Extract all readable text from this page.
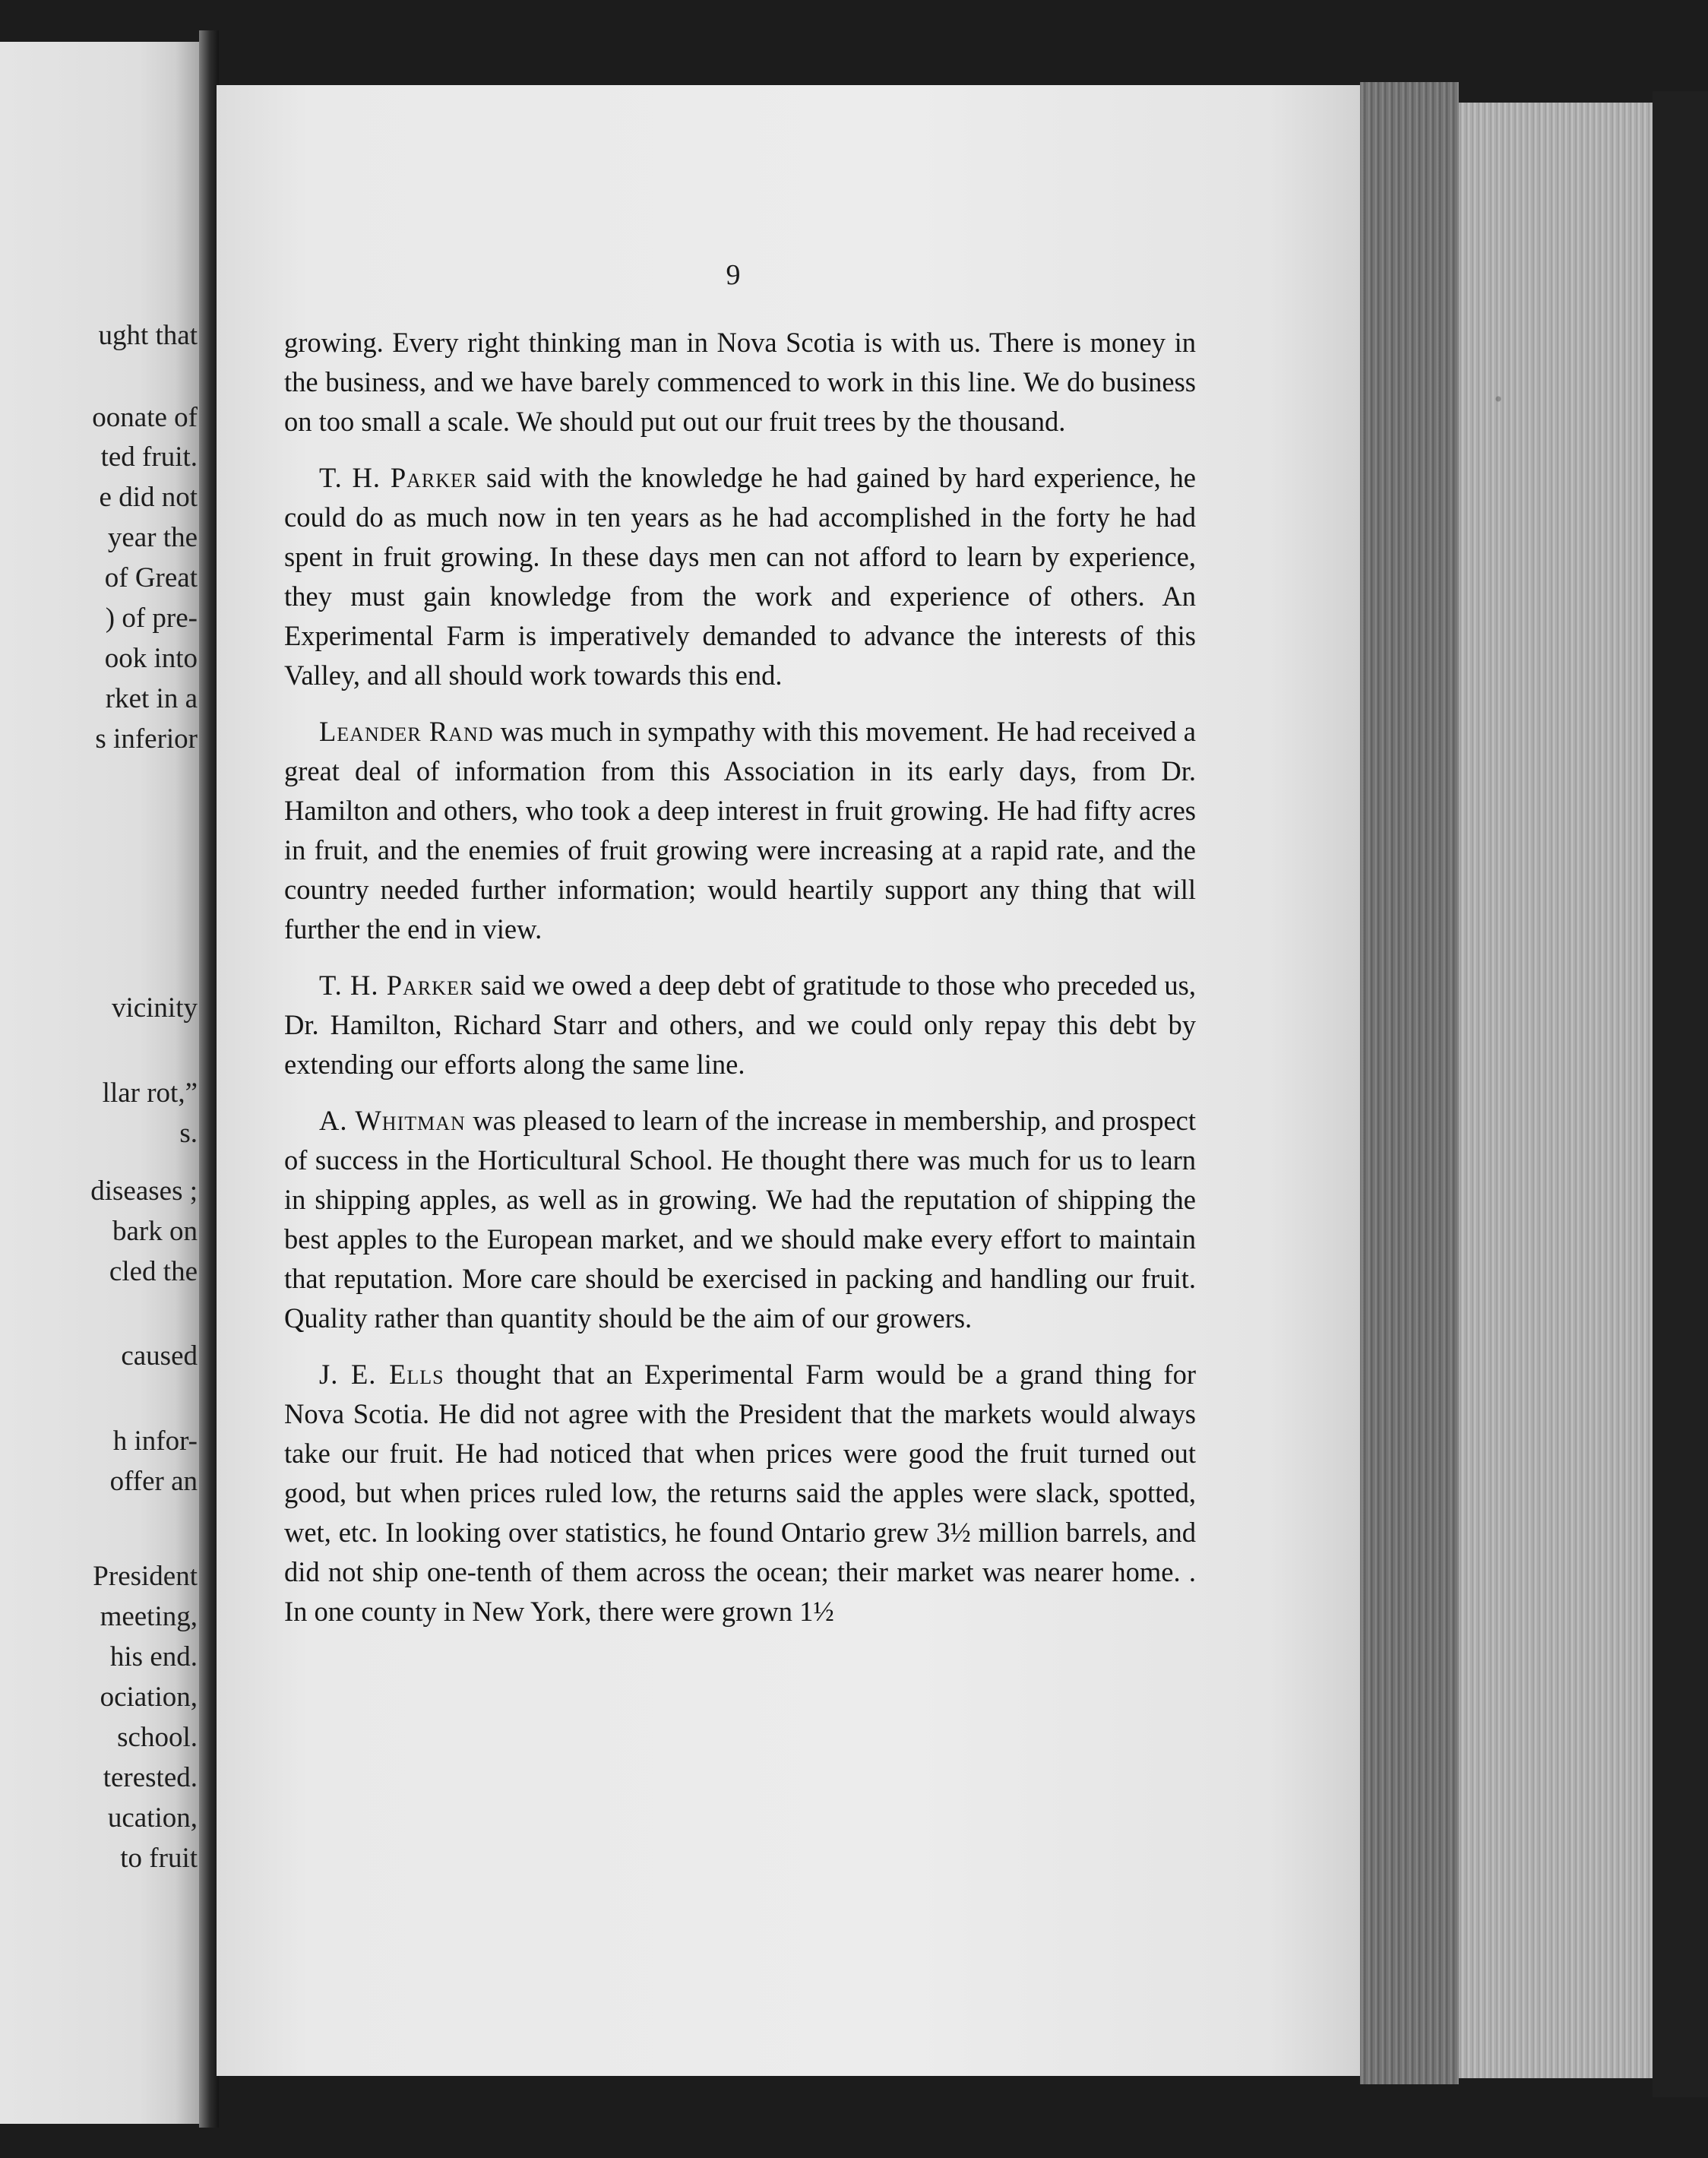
ught that
oonate of
ted fruit.
e did not
year the
of Great
) of pre-
ook into
rket in a
s inferior
vicinity
llar rot,”
s.
diseases ;
bark on
cled the
caused
h infor-
offer an
President
meeting,
his end.
ociation,
school.
terested.
ucation,
to fruit
9

growing. Every right thinking man in Nova Scotia is with us. There is money in the business, and we have barely commenced to work in this line. We do business on too small a scale. We should put out our fruit trees by the thousand.

T. H. Parker said with the knowledge he had gained by hard experience, he could do as much now in ten years as he had accomplished in the forty he had spent in fruit growing. In these days men can not afford to learn by experience, they must gain knowledge from the work and experience of others. An Experimental Farm is imperatively demanded to advance the interests of this Valley, and all should work towards this end.

Leander Rand was much in sympathy with this movement. He had received a great deal of information from this Association in its early days, from Dr. Hamilton and others, who took a deep interest in fruit growing. He had fifty acres in fruit, and the enemies of fruit growing were increasing at a rapid rate, and the country needed further information; would heartily support any thing that will further the end in view.

T. H. Parker said we owed a deep debt of gratitude to those who preceded us, Dr. Hamilton, Richard Starr and others, and we could only repay this debt by extending our efforts along the same line.

A. Whitman was pleased to learn of the increase in membership, and prospect of success in the Horticultural School. He thought there was much for us to learn in shipping apples, as well as in growing. We had the reputation of shipping the best apples to the European market, and we should make every effort to maintain that reputation. More care should be exercised in packing and handling our fruit. Quality rather than quantity should be the aim of our growers.

J. E. Ells thought that an Experimental Farm would be a grand thing for Nova Scotia. He did not agree with the President that the markets would always take our fruit. He had noticed that when prices were good the fruit turned out good, but when prices ruled low, the returns said the apples were slack, spotted, wet, etc. In looking over statistics, he found Ontario grew 3½ million barrels, and did not ship one-tenth of them across the ocean; their market was nearer home. . In one county in New York, there were grown 1½
